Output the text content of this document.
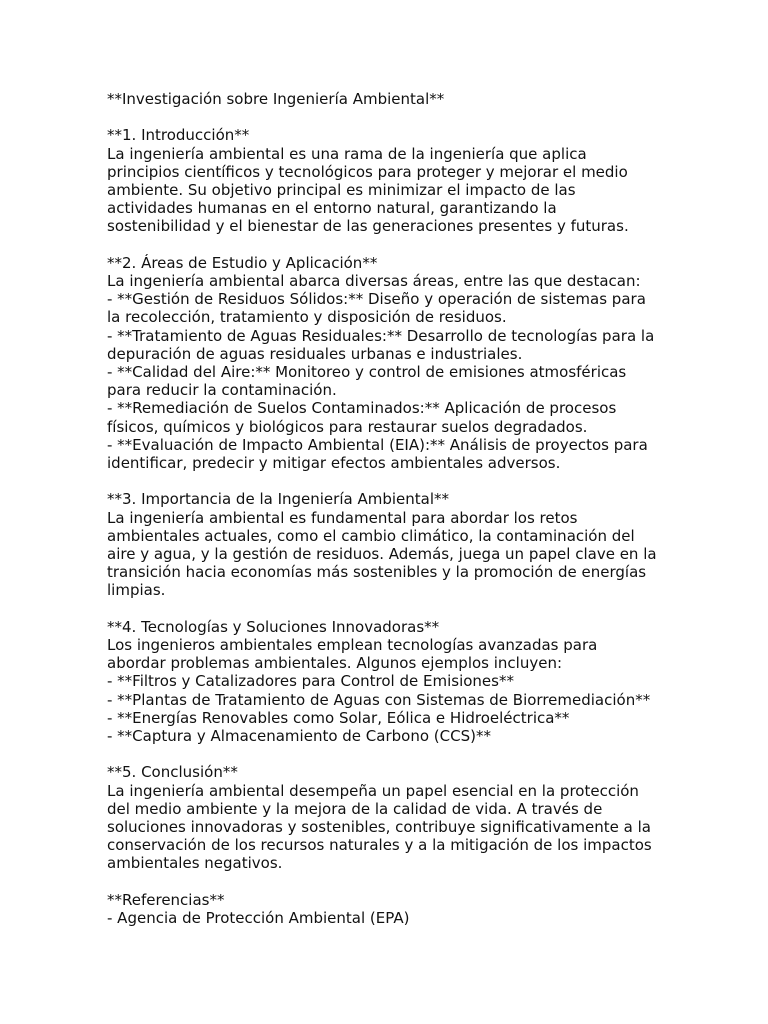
**Investigación sobre Ingeniería Ambiental**
**1. Introducción**
La ingeniería ambiental es una rama de la ingeniería que aplica
principios científicos y tecnológicos para proteger y mejorar el medio
ambiente. Su objetivo principal es minimizar el impacto de las
actividades humanas en el entorno natural, garantizando la
sostenibilidad y el bienestar de las generaciones presentes y futuras.
**2. Áreas de Estudio y Aplicación**
La ingeniería ambiental abarca diversas áreas, entre las que destacan:
- **Gestión de Residuos Sólidos:** Diseño y operación de sistemas para
la recolección, tratamiento y disposición de residuos.
- **Tratamiento de Aguas Residuales:** Desarrollo de tecnologías para la
depuración de aguas residuales urbanas e industriales.
- **Calidad del Aire:** Monitoreo y control de emisiones atmosféricas
para reducir la contaminación.
- **Remediación de Suelos Contaminados:** Aplicación de procesos
físicos, químicos y biológicos para restaurar suelos degradados.
- **Evaluación de Impacto Ambiental (EIA):** Análisis de proyectos para
identificar, predecir y mitigar efectos ambientales adversos.
**3. Importancia de la Ingeniería Ambiental**
La ingeniería ambiental es fundamental para abordar los retos
ambientales actuales, como el cambio climático, la contaminación del
aire y agua, y la gestión de residuos. Además, juega un papel clave en la
transición hacia economías más sostenibles y la promoción de energías
limpias.
**4. Tecnologías y Soluciones Innovadoras**
Los ingenieros ambientales emplean tecnologías avanzadas para
abordar problemas ambientales. Algunos ejemplos incluyen:
- **Filtros y Catalizadores para Control de Emisiones**
- **Plantas de Tratamiento de Aguas con Sistemas de Biorremediación**
- **Energías Renovables como Solar, Eólica e Hidroeléctrica**
- **Captura y Almacenamiento de Carbono (CCS)**
**5. Conclusión**
La ingeniería ambiental desempeña un papel esencial en la protección
del medio ambiente y la mejora de la calidad de vida. A través de
soluciones innovadoras y sostenibles, contribuye significativamente a la
conservación de los recursos naturales y a la mitigación de los impactos
ambientales negativos.
**Referencias**
- Agencia de Protección Ambiental (EPA)
